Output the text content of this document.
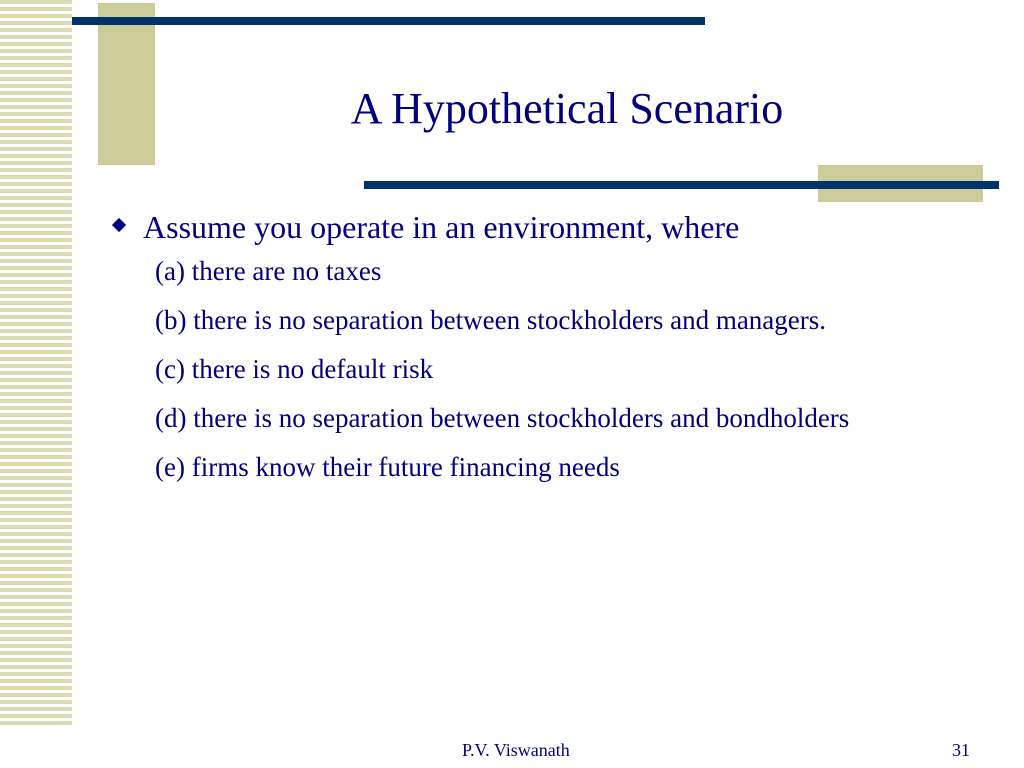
A Hypothetical Scenario
Assume you operate in an environment, where
(a) there are no taxes
(b) there is no separation between stockholders and managers.
(c) there is no default risk
(d) there is no separation between stockholders and bondholders
(e) firms know their future financing needs
P.V. Viswanath	31
